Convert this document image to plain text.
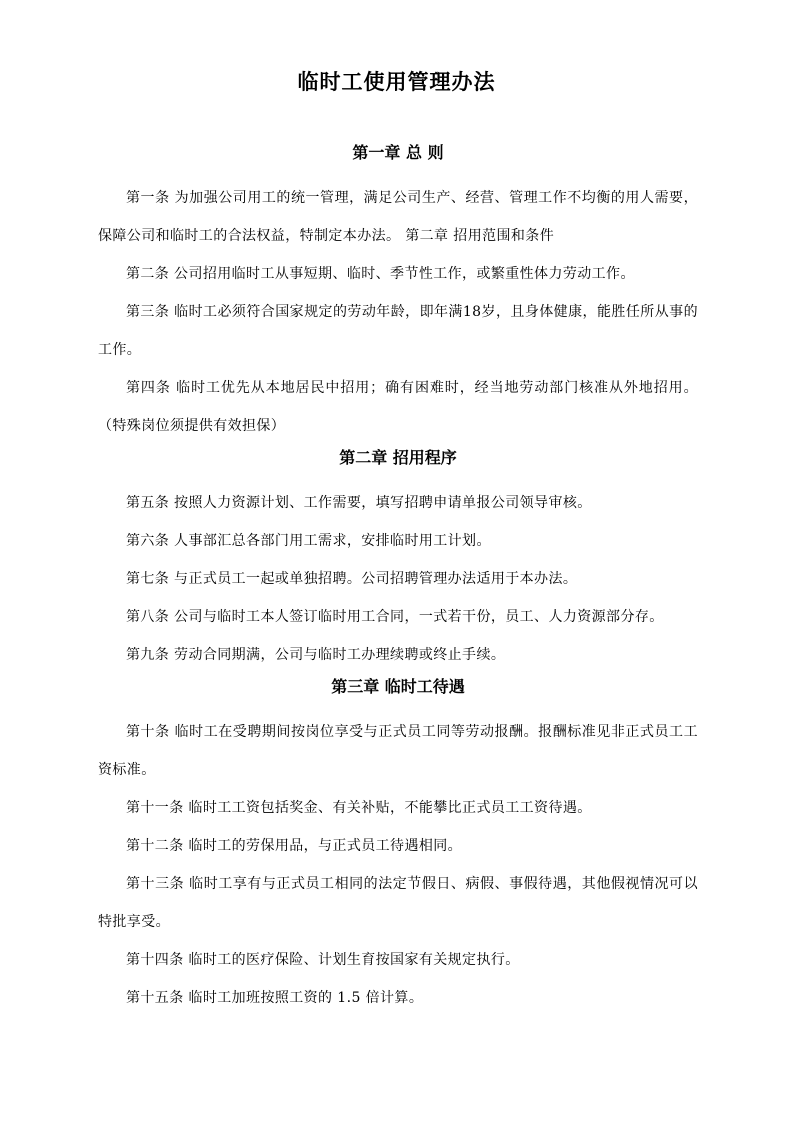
临时工使用管理办法
第一章 总 则

第一条 为加强公司用工的统一管理，满足公司生产、经营、管理工作不均衡的用人需要，保障公司和临时工的合法权益，特制定本办法。 第二章 招用范围和条件

第二条 公司招用临时工从事短期、临时、季节性工作，或繁重性体力劳动工作。

第三条 临时工必须符合国家规定的劳动年龄，即年满18岁，且身体健康，能胜任所从事的工作。

第四条 临时工优先从本地居民中招用；确有困难时，经当地劳动部门核准从外地招用。 （特殊岗位须提供有效担保）

第二章 招用程序

第五条 按照人力资源计划、工作需要，填写招聘申请单报公司领导审核。

第六条 人事部汇总各部门用工需求，安排临时用工计划。

第七条 与正式员工一起或单独招聘。公司招聘管理办法适用于本办法。

第八条 公司与临时工本人签订临时用工合同，一式若干份，员工、人力资源部分存。

第九条 劳动合同期满，公司与临时工办理续聘或终止手续。

第三章 临时工待遇

第十条 临时工在受聘期间按岗位享受与正式员工同等劳动报酬。报酬标准见非正式员工工资标准。

第十一条 临时工工资包括奖金、有关补贴，不能攀比正式员工工资待遇。

第十二条 临时工的劳保用品，与正式员工待遇相同。

第十三条 临时工享有与正式员工相同的法定节假日、病假、事假待遇，其他假视情况可以特批享受。

第十四条 临时工的医疗保险、计划生育按国家有关规定执行。

第十五条 临时工加班按照工资的 1.5 倍计算。
